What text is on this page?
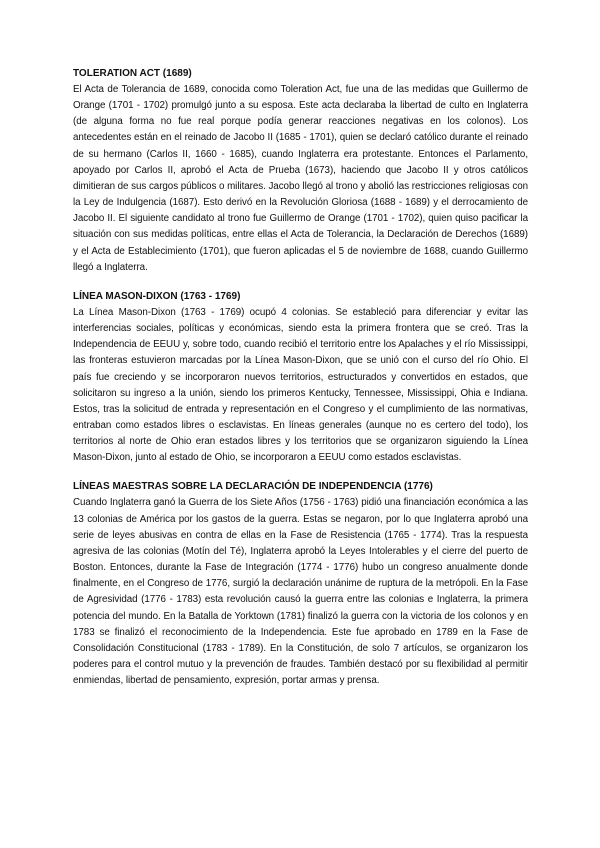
TOLERATION ACT (1689)

El Acta de Tolerancia de 1689, conocida como Toleration Act, fue una de las medidas que Guillermo de Orange (1701 - 1702) promulgó junto a su esposa. Este acta declaraba la libertad de culto en Inglaterra (de alguna forma no fue real porque podía generar reacciones negativas en los colonos). Los antecedentes están en el reinado de Jacobo II (1685 - 1701), quien se declaró católico durante el reinado de su hermano (Carlos II, 1660 - 1685), cuando Inglaterra era protestante. Entonces el Parlamento, apoyado por Carlos II, aprobó el Acta de Prueba (1673), haciendo que Jacobo II y otros católicos dimitieran de sus cargos públicos o militares. Jacobo llegó al trono y abolió las restricciones religiosas con la Ley de Indulgencia (1687). Esto derivó en la Revolución Gloriosa (1688 - 1689) y el derrocamiento de Jacobo II. El siguiente candidato al trono fue Guillermo de Orange (1701 - 1702), quien quiso pacificar la situación con sus medidas políticas, entre ellas el Acta de Tolerancia, la Declaración de Derechos (1689) y el Acta de Establecimiento (1701), que fueron aplicadas el 5 de noviembre de 1688, cuando Guillermo llegó a Inglaterra.

LÍNEA MASON-DIXON (1763 - 1769)

La Línea Mason-Dixon (1763 - 1769) ocupó 4 colonias. Se estableció para diferenciar y evitar las interferencias sociales, políticas y económicas, siendo esta la primera frontera que se creó. Tras la Independencia de EEUU y, sobre todo, cuando recibió el territorio entre los Apalaches y el río Mississippi, las fronteras estuvieron marcadas por la Línea Mason-Dixon, que se unió con el curso del río Ohio. El país fue creciendo y se incorporaron nuevos territorios, estructurados y convertidos en estados, que solicitaron su ingreso a la unión, siendo los primeros Kentucky, Tennessee, Mississippi, Ohia e Indiana. Estos, tras la solicitud de entrada y representación en el Congreso y el cumplimiento de las normativas, entraban como estados libres o esclavistas. En líneas generales (aunque no es certero del todo), los territorios al norte de Ohio eran estados libres y los territorios que se organizaron siguiendo la Línea Mason-Dixon, junto al estado de Ohio, se incorporaron a EEUU como estados esclavistas.

LÍNEAS MAESTRAS SOBRE LA DECLARACIÓN DE INDEPENDENCIA (1776)

Cuando Inglaterra ganó la Guerra de los Siete Años (1756 - 1763) pidió una financiación económica a las 13 colonias de América por los gastos de la guerra. Estas se negaron, por lo que Inglaterra aprobó una serie de leyes abusivas en contra de ellas en la Fase de Resistencia (1765 - 1774). Tras la respuesta agresiva de las colonias (Motín del Té), Inglaterra aprobó la Leyes Intolerables y el cierre del puerto de Boston. Entonces, durante la Fase de Integración (1774 - 1776) hubo un congreso anualmente donde finalmente, en el Congreso de 1776, surgió la declaración unánime de ruptura de la metrópoli. En la Fase de Agresividad (1776 - 1783) esta revolución causó la guerra entre las colonias e Inglaterra, la primera potencia del mundo. En la Batalla de Yorktown (1781) finalizó la guerra con la victoria de los colonos y en 1783 se finalizó el reconocimiento de la Independencia. Este fue aprobado en 1789 en la Fase de Consolidación Constitucional (1783 - 1789). En la Constitución, de solo 7 artículos, se organizaron los poderes para el control mutuo y la prevención de fraudes. También destacó por su flexibilidad al permitir enmiendas, libertad de pensamiento, expresión, portar armas y prensa.
